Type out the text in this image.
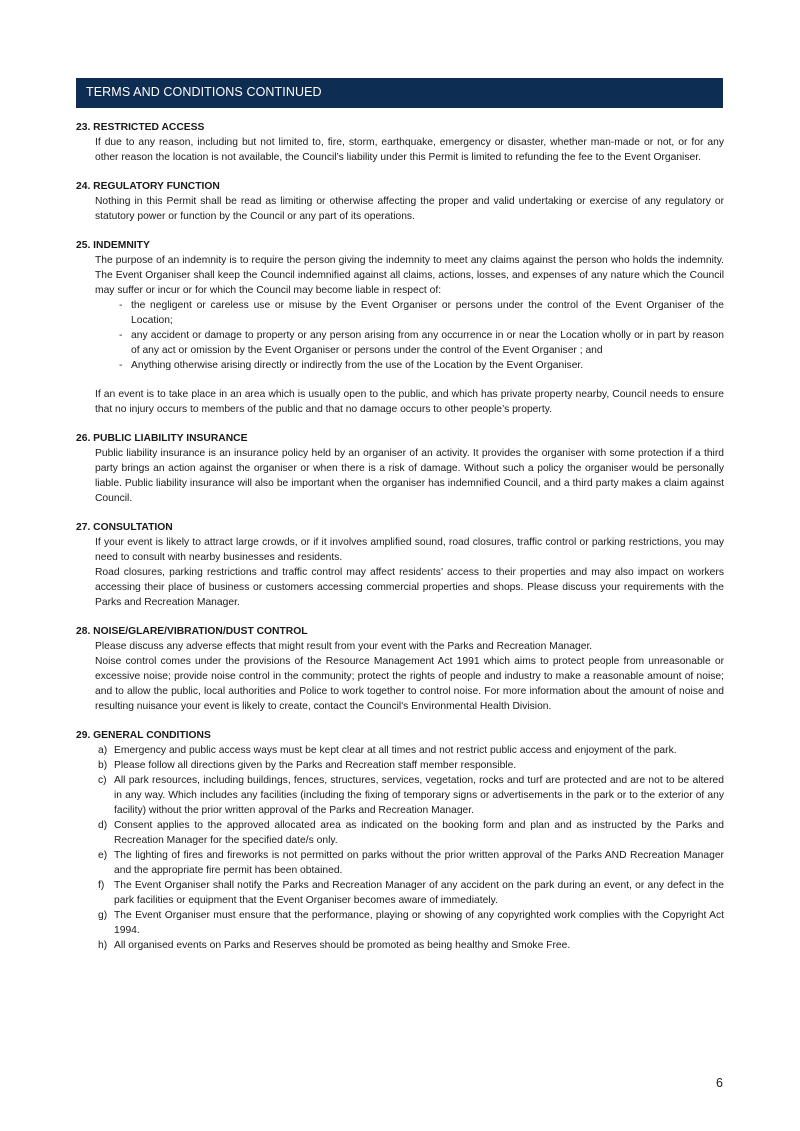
TERMS AND CONDITIONS CONTINUED
23. RESTRICTED ACCESS
If due to any reason, including but not limited to, fire, storm, earthquake, emergency or disaster, whether man-made or not, or for any other reason the location is not available, the Council’s liability under this Permit is limited to refunding the fee to the Event Organiser.
24. REGULATORY FUNCTION
Nothing in this Permit shall be read as limiting or otherwise affecting the proper and valid undertaking or exercise of any regulatory or statutory power or function by the Council or any part of its operations.
25. INDEMNITY
The purpose of an indemnity is to require the person giving the indemnity to meet any claims against the person who holds the indemnity. The Event Organiser shall keep the Council indemnified against all claims, actions, losses, and expenses of any nature which the Council may suffer or incur or for which the Council may become liable in respect of:
- the negligent or careless use or misuse by the Event Organiser or persons under the control of the Event Organiser of the Location;
- any accident or damage to property or any person arising from any occurrence in or near the Location wholly or in part by reason of any act or omission by the Event Organiser or persons under the control of the Event Organiser ; and
- Anything otherwise arising directly or indirectly from the use of the Location by the Event Organiser.
If an event is to take place in an area which is usually open to the public, and which has private property nearby, Council needs to ensure that no injury occurs to members of the public and that no damage occurs to other people’s property.
26. PUBLIC LIABILITY INSURANCE
Public liability insurance is an insurance policy held by an organiser of an activity. It provides the organiser with some protection if a third party brings an action against the organiser or when there is a risk of damage. Without such a policy the organiser would be personally liable. Public liability insurance will also be important when the organiser has indemnified Council, and a third party makes a claim against Council.
27. CONSULTATION
If your event is likely to attract large crowds, or if it involves amplified sound, road closures, traffic control or parking restrictions, you may need to consult with nearby businesses and residents.
Road closures, parking restrictions and traffic control may affect residents’ access to their properties and may also impact on workers accessing their place of business or customers accessing commercial properties and shops. Please discuss your requirements with the Parks and Recreation Manager.
28. NOISE/GLARE/VIBRATION/DUST CONTROL
Please discuss any adverse effects that might result from your event with the Parks and Recreation Manager.
Noise control comes under the provisions of the Resource Management Act 1991 which aims to protect people from unreasonable or excessive noise; provide noise control in the community; protect the rights of people and industry to make a reasonable amount of noise; and to allow the public, local authorities and Police to work together to control noise. For more information about the amount of noise and resulting nuisance your event is likely to create, contact the Council's Environmental Health Division.
29. GENERAL CONDITIONS
a) Emergency and public access ways must be kept clear at all times and not restrict public access and enjoyment of the park.
b) Please follow all directions given by the Parks and Recreation staff member responsible.
c) All park resources, including buildings, fences, structures, services, vegetation, rocks and turf are protected and are not to be altered in any way. Which includes any facilities (including the fixing of temporary signs or advertisements in the park or to the exterior of any facility) without the prior written approval of the Parks and Recreation Manager.
d) Consent applies to the approved allocated area as indicated on the booking form and plan and as instructed by the Parks and Recreation Manager for the specified date/s only.
e) The lighting of fires and fireworks is not permitted on parks without the prior written approval of the Parks AND Recreation Manager and the appropriate fire permit has been obtained.
f) The Event Organiser shall notify the Parks and Recreation Manager of any accident on the park during an event, or any defect in the park facilities or equipment that the Event Organiser becomes aware of immediately.
g) The Event Organiser must ensure that the performance, playing or showing of any copyrighted work complies with the Copyright Act 1994.
h) All organised events on Parks and Reserves should be promoted as being healthy and Smoke Free.
6
